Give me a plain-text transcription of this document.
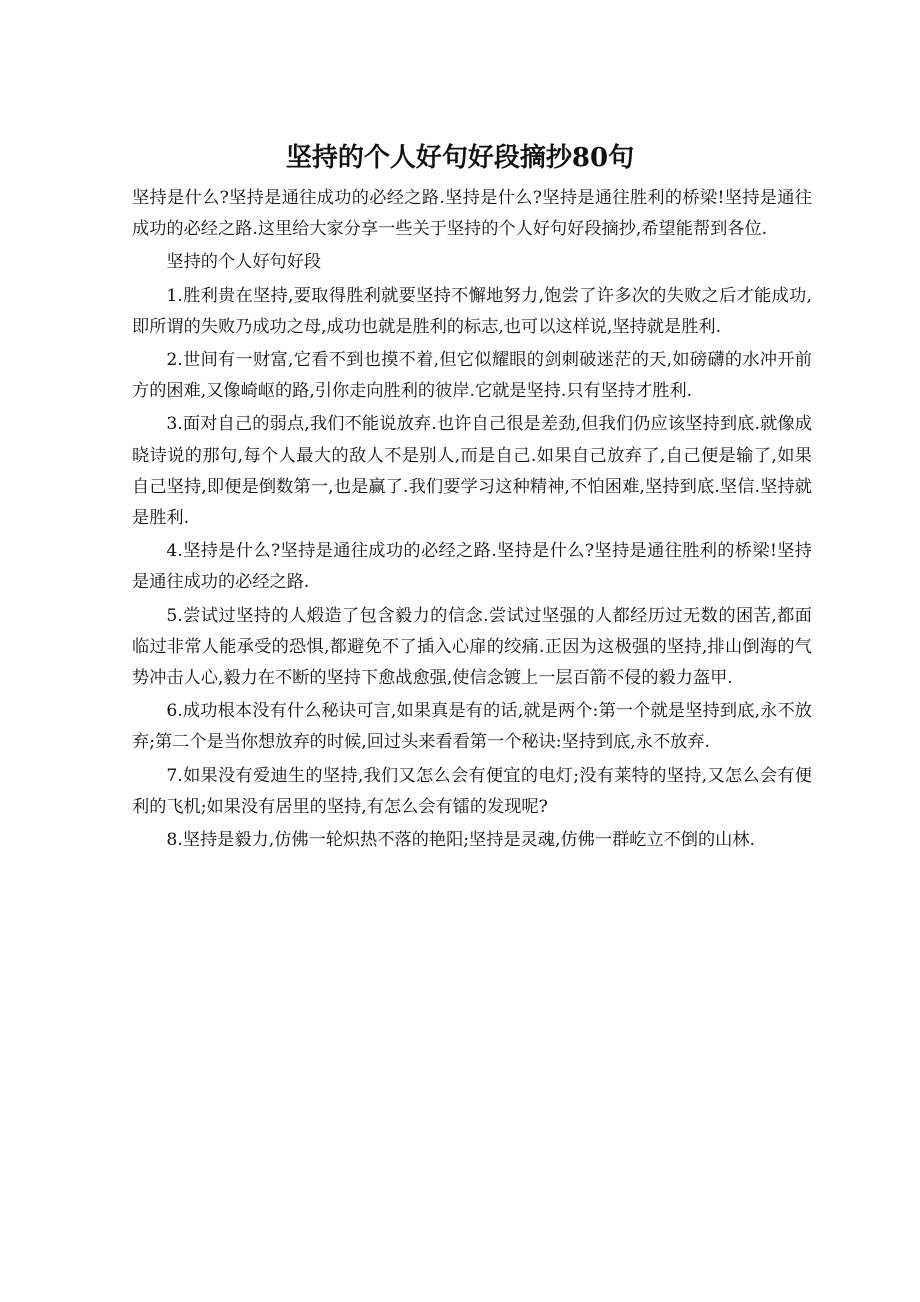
坚持的个人好句好段摘抄80句

坚持是什么?坚持是通往成功的必经之路.坚持是什么?坚持是通往胜利的桥梁!坚持是通往成功的必经之路.这里给大家分享一些关于坚持的个人好句好段摘抄,希望能帮到各位.

坚持的个人好句好段

1.胜利贵在坚持,要取得胜利就要坚持不懈地努力,饱尝了许多次的失败之后才能成功,即所谓的失败乃成功之母,成功也就是胜利的标志,也可以这样说,坚持就是胜利.

2.世间有一财富,它看不到也摸不着,但它似耀眼的剑刺破迷茫的天,如磅礴的水冲开前方的困难,又像崎岖的路,引你走向胜利的彼岸.它就是坚持.只有坚持才胜利.

3.面对自己的弱点,我们不能说放弃.也许自己很是差劲,但我们仍应该坚持到底.就像成晓诗说的那句,每个人最大的敌人不是别人,而是自己.如果自己放弃了,自己便是输了,如果自己坚持,即便是倒数第一,也是赢了.我们要学习这种精神,不怕困难,坚持到底.坚信.坚持就是胜利.

4.坚持是什么?坚持是通往成功的必经之路.坚持是什么?坚持是通往胜利的桥梁!坚持是通往成功的必经之路.

5.尝试过坚持的人煅造了包含毅力的信念.尝试过坚强的人都经历过无数的困苦,都面临过非常人能承受的恐惧,都避免不了插入心扉的绞痛.正因为这极强的坚持,排山倒海的气势冲击人心,毅力在不断的坚持下愈战愈强,使信念镀上一层百箭不侵的毅力盔甲.

6.成功根本没有什么秘诀可言,如果真是有的话,就是两个:第一个就是坚持到底,永不放弃;第二个是当你想放弃的时候,回过头来看看第一个秘诀:坚持到底,永不放弃.

7.如果没有爱迪生的坚持,我们又怎么会有便宜的电灯;没有莱特的坚持,又怎么会有便利的飞机;如果没有居里的坚持,有怎么会有镭的发现呢?

8.坚持是毅力,仿佛一轮炽热不落的艳阳;坚持是灵魂,仿佛一群屹立不倒的山林.
